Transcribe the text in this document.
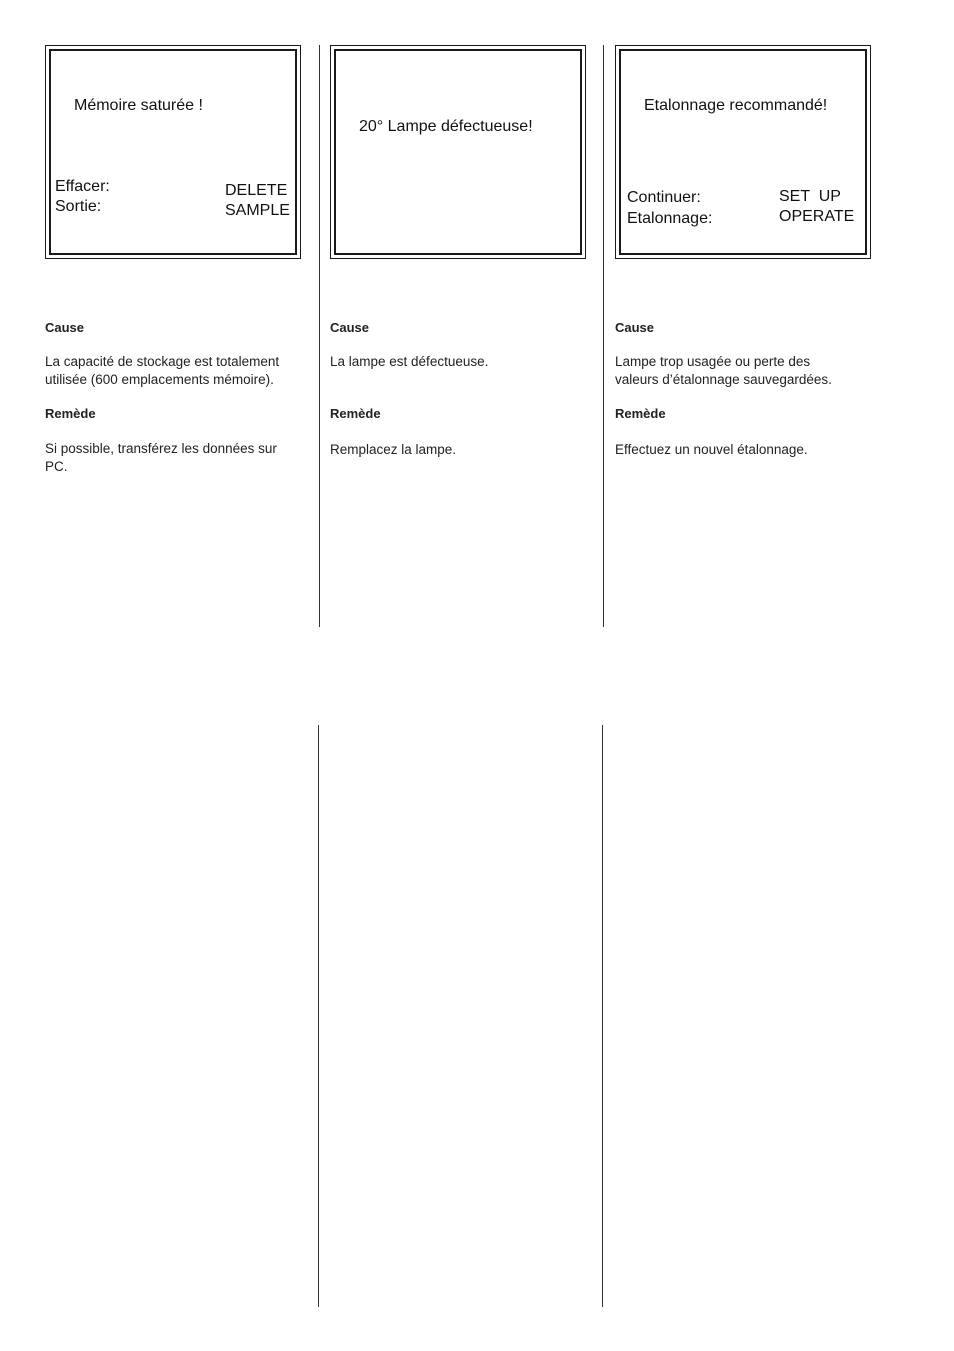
Mémoire saturée !
Effacer:
Sortie:
DELETE
SAMPLE
20° Lampe défectueuse!
Etalonnage recommandé!
Continuer:
Etalonnage:
SET  UP
OPERATE
Cause
La capacité de stockage est totalement utilisée (600 emplacements mémoire).
Remède
Si possible, transférez les données sur PC.
Cause
La lampe est défectueuse.
Remède
Remplacez la lampe.
Cause
Lampe trop usagée ou perte des valeurs d’étalonnage sauvegardées.
Remède
Effectuez un nouvel étalonnage.
